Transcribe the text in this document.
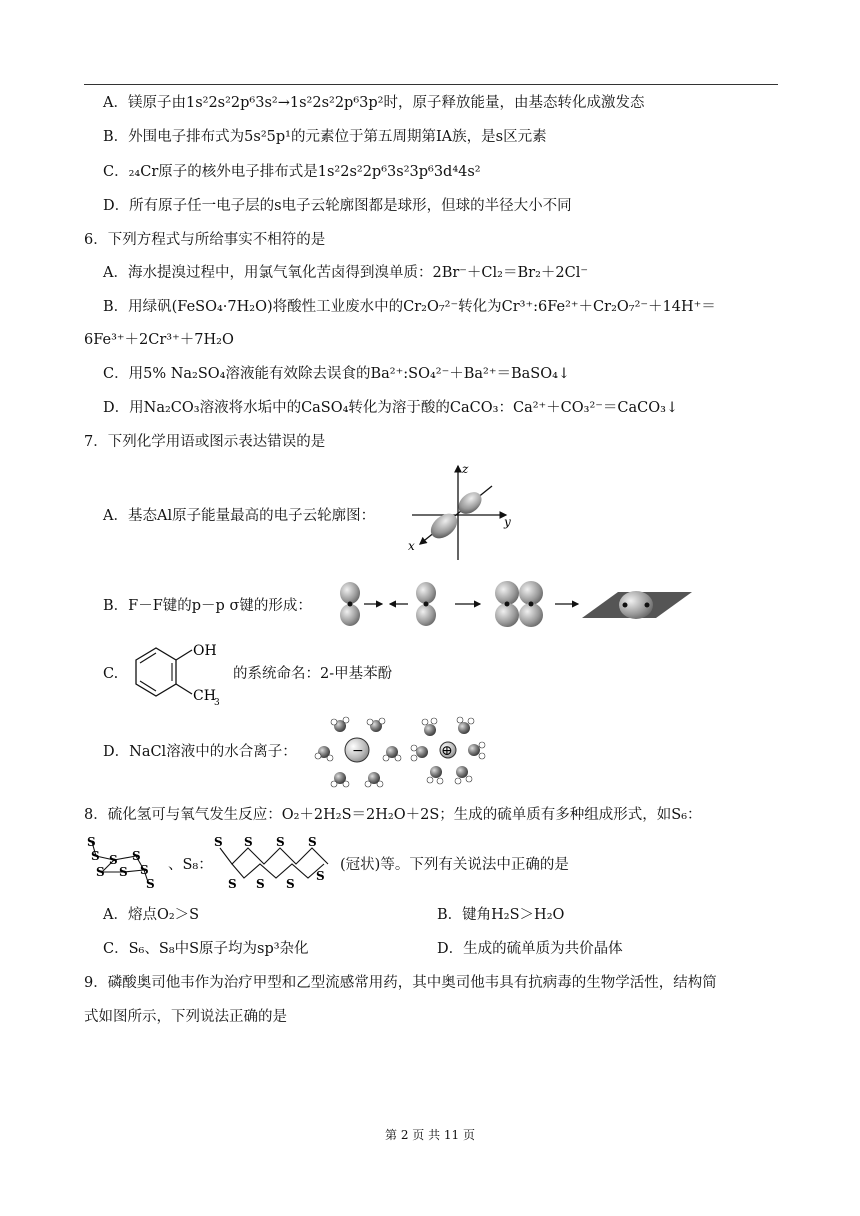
A．镁原子由1s²2s²2p⁶3s²→1s²2s²2p⁶3p²时，原子释放能量，由基态转化成激发态
B．外围电子排布式为5s²5p¹的元素位于第五周期第ⅠA族，是s区元素
C．₂₄Cr原子的核外电子排布式是1s²2s²2p⁶3s²3p⁶3d⁴4s²
D．所有原子任一电子层的s电子云轮廓图都是球形，但球的半径大小不同
6．下列方程式与所给事实不相符的是
A．海水提溴过程中，用氯气氧化苦卤得到溴单质：2Br⁻＋Cl₂＝Br₂＋2Cl⁻
B．用绿矾(FeSO₄·7H₂O)将酸性工业废水中的Cr₂O₇²⁻转化为Cr³⁺:6Fe²⁺＋Cr₂O₇²⁻＋14H⁺＝
6Fe³⁺＋2Cr³⁺＋7H₂O
C．用5% Na₂SO₄溶液能有效除去误食的Ba²⁺:SO₄²⁻＋Ba²⁺＝BaSO₄↓
D．用Na₂CO₃溶液将水垢中的CaSO₄转化为溶于酸的CaCO₃：Ca²⁺＋CO₃²⁻＝CaCO₃↓
7．下列化学用语或图示表达错误的是
A．基态Al原子能量最高的电子云轮廓图：
z
y
x
B．F－F键的p－p σ键的形成：
C.
OH
CH
3
的系统命名：2-甲基苯酚
D．NaCl溶液中的水合离子：	−	⊕
8．硫化氢可与氧气发生反应：O₂＋2H₂S＝2H₂O＋2S；生成的硫单质有多种组成形式，如S₆：
S
S S S
S S S
S
、S₈：
S S S S
S S S
S
(冠状)等。下列有关说法中正确的是
A．熔点O₂＞S	B．键角H₂S＞H₂O
C．S₆、S₈中S原子均为sp³杂化	D．生成的硫单质为共价晶体
9．磷酸奥司他韦作为治疗甲型和乙型流感常用药，其中奥司他韦具有抗病毒的生物学活性，结构简
式如图所示，下列说法正确的是
第 2 页 共 11 页
